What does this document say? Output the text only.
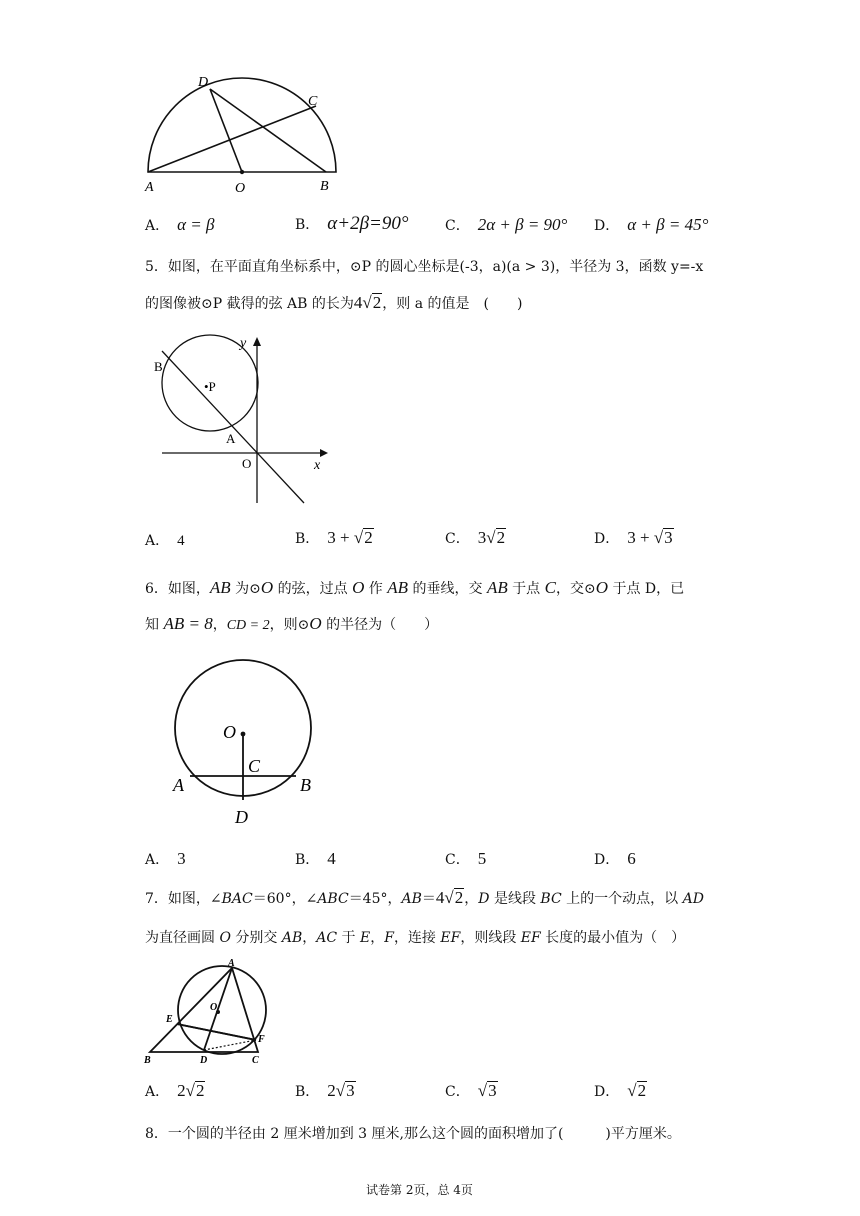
D
C
A	O	B
A． α = β	B． α+2β=90°	C． 2α + β = 90° D． α + β = 45°
5．如图，在平面直角坐标系中，⊙P 的圆心坐标是(-3，a)(a > 3)，半径为 3，函数 y=-x
的图像被⊙P 截得的弦 AB 的长为4√2，则 a 的值是　(　　)
B
•P
y
A
O	x
A． 4	B． 3 + √2	C． 3√2	D． 3 + √3
6．如图，AB 为⊙O 的弦，过点 O 作 AB 的垂线，交 AB 于点 C，交⊙O 于点 D，已
知 AB = 8，CD = 2，则⊙O 的半径为（　　）
O
C
A	B
D
A． 3	B． 4	C． 5	D． 6
7．如图，∠BAC＝60°，∠ABC＝45°，AB＝4√2，D 是线段 BC 上的一个动点，以 AD
为直径画圆 O 分别交 AB，AC 于 E，F，连接 EF，则线段 EF 长度的最小值为（　）
A
E
O
B	D	C
F
A． 2√2	B． 2√3	C． √3	D． √2
8．一个圆的半径由 2 厘米增加到 3 厘米,那么这个圆的面积增加了(　　　)平方厘米。
试卷第 2页，总 4页
